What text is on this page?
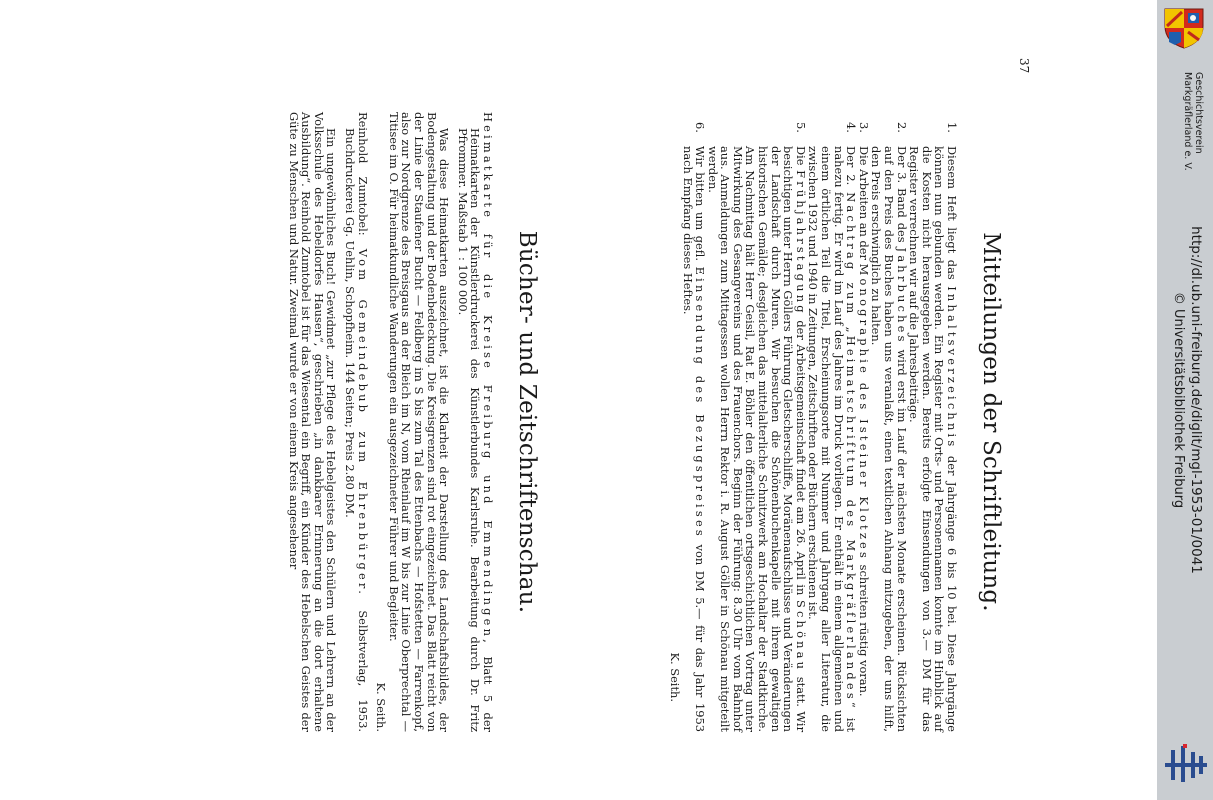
37
Mitteilungen der Schriftleitung.
1.
Diesem Heft liegt das Inhaltsverzeichnis der Jahrgänge 6 bis 10 bei. Diese Jahrgänge können nun gebunden werden. Ein Register mit Orts- und Personennamen konnte im Hinblick auf die Kosten nicht herausgegeben werden. Bereits erfolgte Einsendungen von 3.— DM für das Register verrechnen wir auf die Jahresbeiträge.
2.
Der 3. Band des Jahrbuches wird erst im Lauf der nächsten Monate erscheinen. Rücksichten auf den Preis des Buches haben uns veranlaßt, einen textlichen Anhang mitzugeben, der uns hilft, den Preis erschwinglich zu halten.
3.
Die Arbeiten an der Monographie des Isteiner Klotzes schreiten rüstig voran.
4.
Der 2. Nachtrag zum „Heimatschrifttum des Markgräflerlandes“ ist nahezu fertig. Er wird im Lauf des Jahres im Druck vorliegen. Er enthält in einem allgemeinen und einem örtlichen Teil die Titel, Erscheinungsorte mit Nummer und Jahrgang aller Literatur, die zwischen 1932 und 1940 in Zeitungen, Zeitschriften oder Büchern erschienen ist.
5.
Die Frühjahrstagung der Arbeitsgemeinschaft findet am 26. April in Schönau statt. Wir besichtigen unter Herrn Göllers Führung Gletscherschliffe, Moränenaufschlüsse und Veränderungen der Landschaft durch Muren. Wir besuchen die Schönenbuchenkapelle mit ihrem gewaltigen historischen Gemälde; desgleichen das mittelalterliche Schnitzwerk am Hochaltar der Stadtkirche. Am Nachmittag hält Herr Geisil, Rat E. Böhler den öffentlichen ortsgeschichtlichen Vortrag unter Mitwirkung des Gesangvereins und des Frauenchors. Beginn der Führung: 8.30 Uhr vom Bahnhof aus. Anmeldungen zum Mittagessen wollen Herrn Rektor i. R. August Göller in Schönau mitgeteilt werden.
6.
Wir bitten um gefl. Einsendung des Bezugspreises von DM 5.— für das Jahr 1953 nach Empfang dieses Heftes.
K. Seith.
Bücher- und Zeitschriftenschau.

Heimatkarte für die Kreise Freiburg und Emmendingen, Blatt 5 der Heimatkarten der Künstlerdruckerei des Künstlerbundes Karlsruhe. Bearbeitung durch Dr. Fritz Pfrommer. Maßstab 1 : 100 000.

Was diese Heimatkarten auszeichnet, ist die Klarheit der Darstellung des Landschaftsbildes, der Bodengestaltung und der Bodenbedeckung. Die Kreisgrenzen sind rot eingezeichnet. Das Blatt reicht von der Linie der Staufener Bucht — Feldberg im S bis zum Tal des Ettenbachs — Hofstetten — Farrenkopf, also zur Nordgrenze des Breisgaus an der Bleich im N, vom Rheinlauf im W bis zur Linie Oberprechtal — Titisee im O. Für heimatkundliche Wanderungen ein ausgezeichneter Führer und Begleiter.

K. Seith.

Reinhold Zumtobel: Vom Gemeindebub zum Ehrenbürger. Selbstverlag, 1953. Buchdruckerei Gg. Uehlin, Schopfheim. 144 Seiten; Preis 2.80 DM.

Ein ungewöhnliches Buch! Gewidmet „zur Pflege des Hebelgeistes den Schülern und Lehrern an der Volksschule des Hebeldorfes Hausen“, geschrieben „in dankbarer Erinnerung an die dort erhaltene Ausbildung“. Reinhold Zumtobel ist für das Wiesental ein Begriff, ein Künder des Hebelschen Geistes der Güte zu Menschen und Natur. Zweimal wurde er von einem Kreis angesehener	http://dl.ub.uni-freiburg.de/diglit/mgl-1953-01/0041
© Universitätsbibliothek Freiburg
Geschichtsverein
Markgräflerland e. V.
